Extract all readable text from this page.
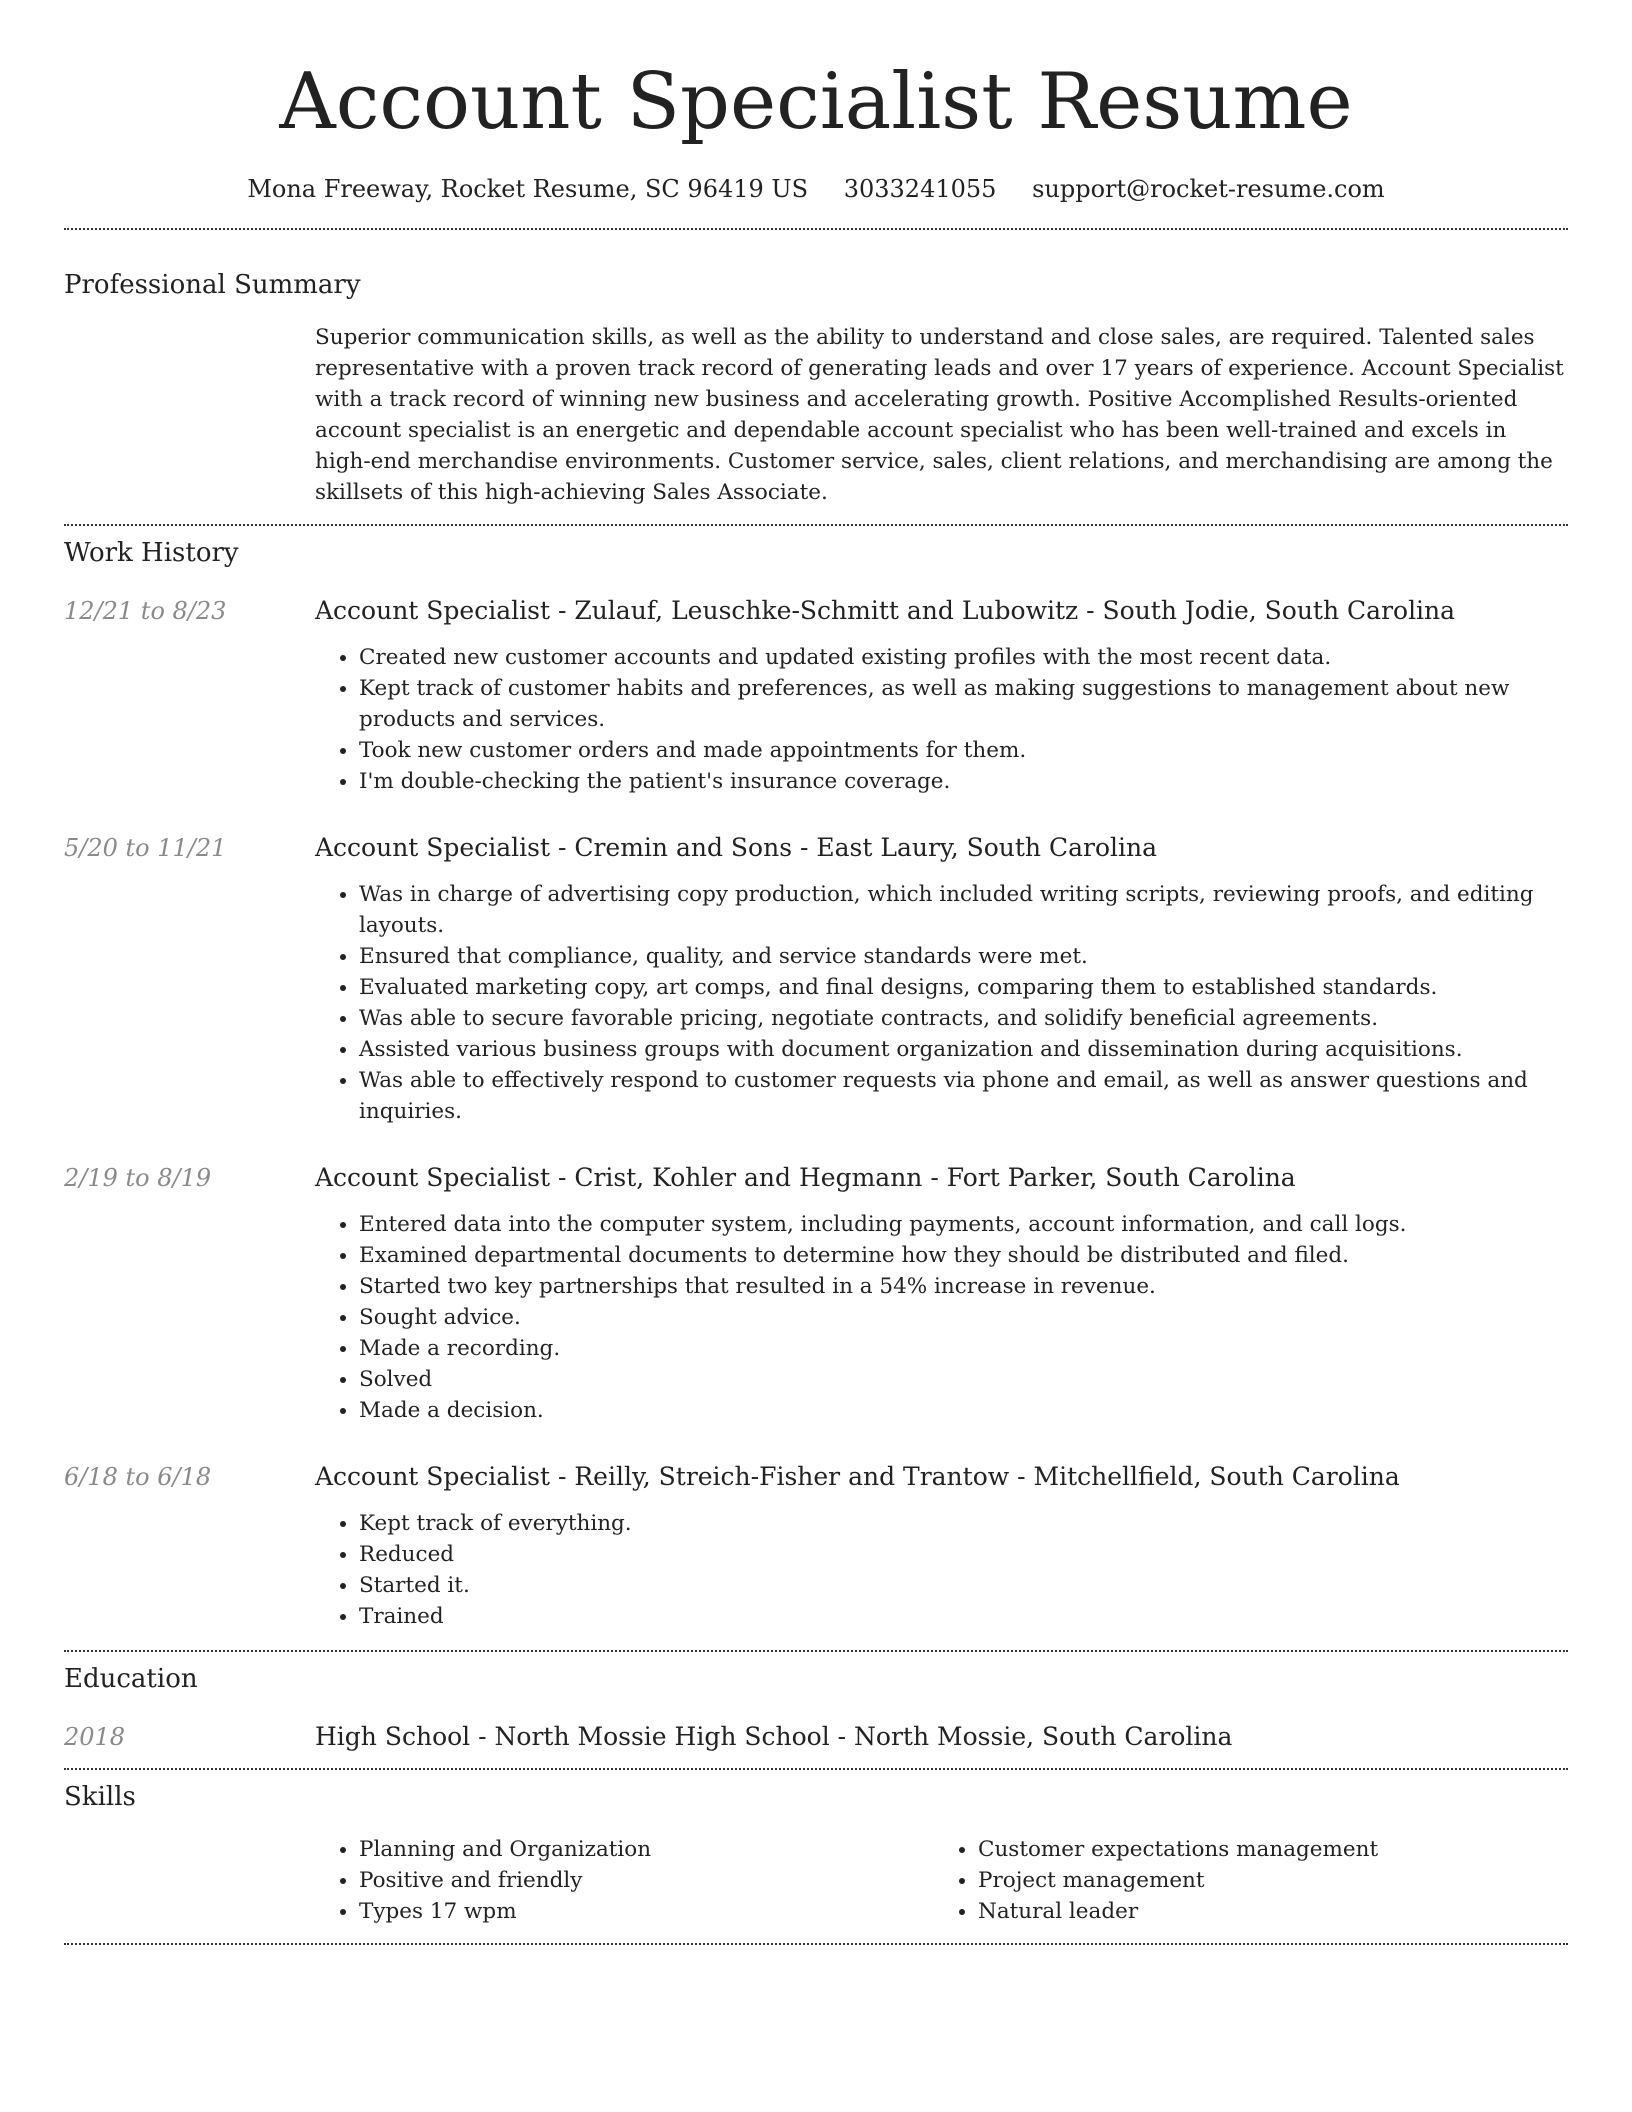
Account Specialist Resume
Mona Freeway, Rocket Resume, SC 96419 US 3033241055 support@rocket-resume.com
Professional Summary
Superior communication skills, as well as the ability to understand and close sales, are required. Talented sales representative with a proven track record of generating leads and over 17 years of experience. Account Specialist with a track record of winning new business and accelerating growth. Positive Accomplished Results-oriented account specialist is an energetic and dependable account specialist who has been well-trained and excels in high-end merchandise environments. Customer service, sales, client relations, and merchandising are among the skillsets of this high-achieving Sales Associate.
Work History
12/21 to 8/23	Account Specialist - Zulauf, Leuschke-Schmitt and Lubowitz - South Jodie, South Carolina
• Created new customer accounts and updated existing profiles with the most recent data.
• Kept track of customer habits and preferences, as well as making suggestions to management about new products and services.
• Took new customer orders and made appointments for them.
• I'm double-checking the patient's insurance coverage.
5/20 to 11/21	Account Specialist - Cremin and Sons - East Laury, South Carolina
• Was in charge of advertising copy production, which included writing scripts, reviewing proofs, and editing layouts.
• Ensured that compliance, quality, and service standards were met.
• Evaluated marketing copy, art comps, and final designs, comparing them to established standards.
• Was able to secure favorable pricing, negotiate contracts, and solidify beneficial agreements.
• Assisted various business groups with document organization and dissemination during acquisitions.
• Was able to effectively respond to customer requests via phone and email, as well as answer questions and inquiries.
2/19 to 8/19	Account Specialist - Crist, Kohler and Hegmann - Fort Parker, South Carolina
• Entered data into the computer system, including payments, account information, and call logs.
• Examined departmental documents to determine how they should be distributed and filed.
• Started two key partnerships that resulted in a 54% increase in revenue.
• Sought advice.
• Made a recording.
• Solved
• Made a decision.
6/18 to 6/18	Account Specialist - Reilly, Streich-Fisher and Trantow - Mitchellfield, South Carolina
• Kept track of everything.
• Reduced
• Started it.
• Trained
Education
2018	High School - North Mossie High School - North Mossie, South Carolina
Skills
• Planning and Organization
• Positive and friendly
• Types 17 wpm
• Customer expectations management
• Project management
• Natural leader
